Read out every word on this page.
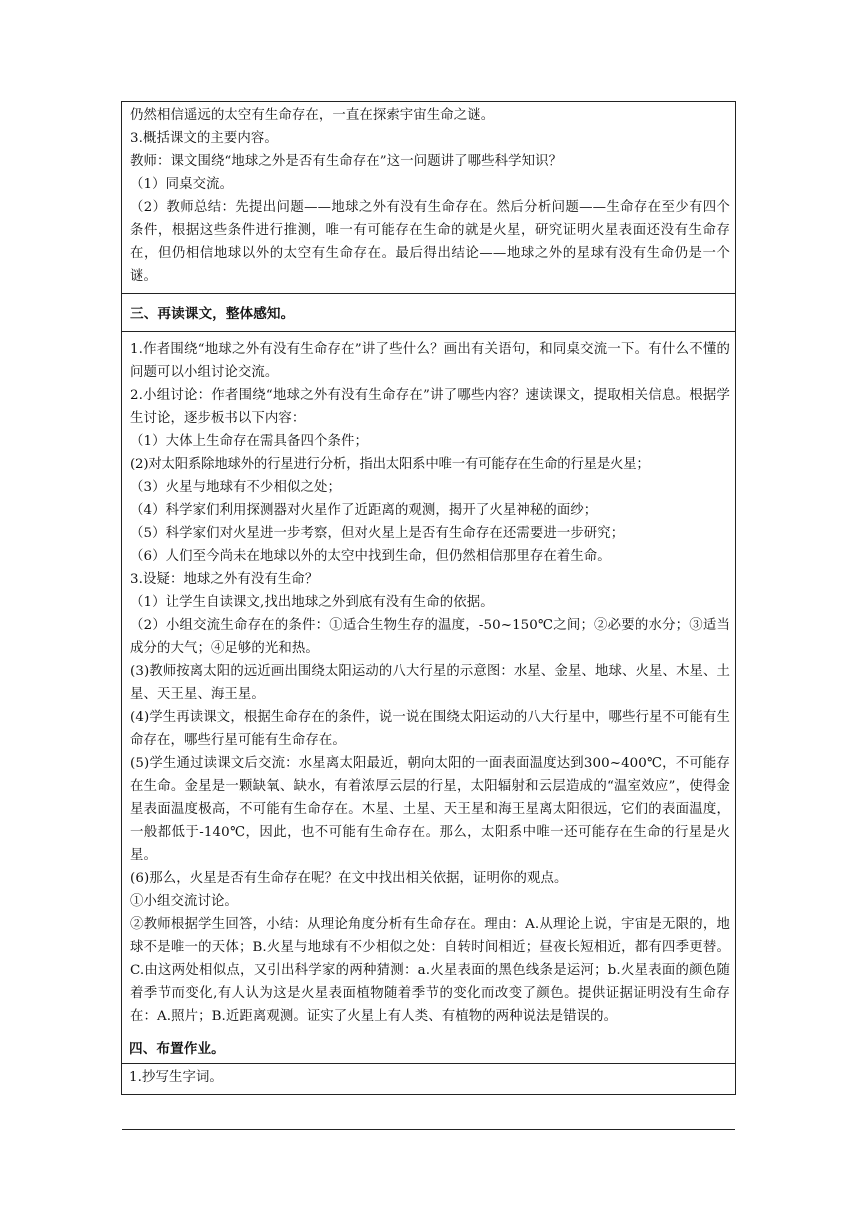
仍然相信遥远的太空有生命存在，一直在探索宇宙生命之谜。

3.概括课文的主要内容。

教师：课文围绕“地球之外是否有生命存在”这一问题讲了哪些科学知识？

（1）同桌交流。

（2）教师总结：先提出问题——地球之外有没有生命存在。然后分析问题——生命存在至少有四个条件，根据这些条件进行推测，唯一有可能存在生命的就是火星，研究证明火星表面还没有生命存在，但仍相信地球以外的太空有生命存在。最后得出结论——地球之外的星球有没有生命仍是一个谜。

三、再读课文，整体感知。

1.作者围绕“地球之外有没有生命存在”讲了些什么？画出有关语句，和同桌交流一下。有什么不懂的问题可以小组讨论交流。

2.小组讨论：作者围绕“地球之外有没有生命存在”讲了哪些内容？速读课文，提取相关信息。根据学生讨论，逐步板书以下内容：

（1）大体上生命存在需具备四个条件；

(2)对太阳系除地球外的行星进行分析，指出太阳系中唯一有可能存在生命的行星是火星；

（3）火星与地球有不少相似之处；

（4）科学家们利用探测器对火星作了近距离的观测，揭开了火星神秘的面纱；

（5）科学家们对火星进一步考察，但对火星上是否有生命存在还需要进一步研究；

（6）人们至今尚未在地球以外的太空中找到生命，但仍然相信那里存在着生命。

3.设疑：地球之外有没有生命？

（1）让学生自读课文,找出地球之外到底有没有生命的依据。

（2）小组交流生命存在的条件：①适合生物生存的温度，-50~150℃之间；②必要的水分；③适当成分的大气；④足够的光和热。

(3)教师按离太阳的远近画出围绕太阳运动的八大行星的示意图：水星、金星、地球、火星、木星、土星、天王星、海王星。

(4)学生再读课文，根据生命存在的条件，说一说在围绕太阳运动的八大行星中，哪些行星不可能有生命存在，哪些行星可能有生命存在。

(5)学生通过读课文后交流：水星离太阳最近，朝向太阳的一面表面温度达到300~400℃，不可能存在生命。金星是一颗缺氧、缺水，有着浓厚云层的行星，太阳辐射和云层造成的“温室效应”，使得金星表面温度极高，不可能有生命存在。木星、土星、天王星和海王星离太阳很远，它们的表面温度，一般都低于-140℃，因此，也不可能有生命存在。那么，太阳系中唯一还可能存在生命的行星是火星。

(6)那么，火星是否有生命存在呢？在文中找出相关依据，证明你的观点。

①小组交流讨论。

②教师根据学生回答，小结：从理论角度分析有生命存在。理由：A.从理论上说，宇宙是无限的，地球不是唯一的天体；B.火星与地球有不少相似之处：自转时间相近；昼夜长短相近，都有四季更替。C.由这两处相似点，又引出科学家的两种猜测：a.火星表面的黑色线条是运河；b.火星表面的颜色随着季节而变化,有人认为这是火星表面植物随着季节的变化而改变了颜色。提供证据证明没有生命存在：A.照片；B.近距离观测。证实了火星上有人类、有植物的两种说法是错误的。

四、布置作业。

1.抄写生字词。
